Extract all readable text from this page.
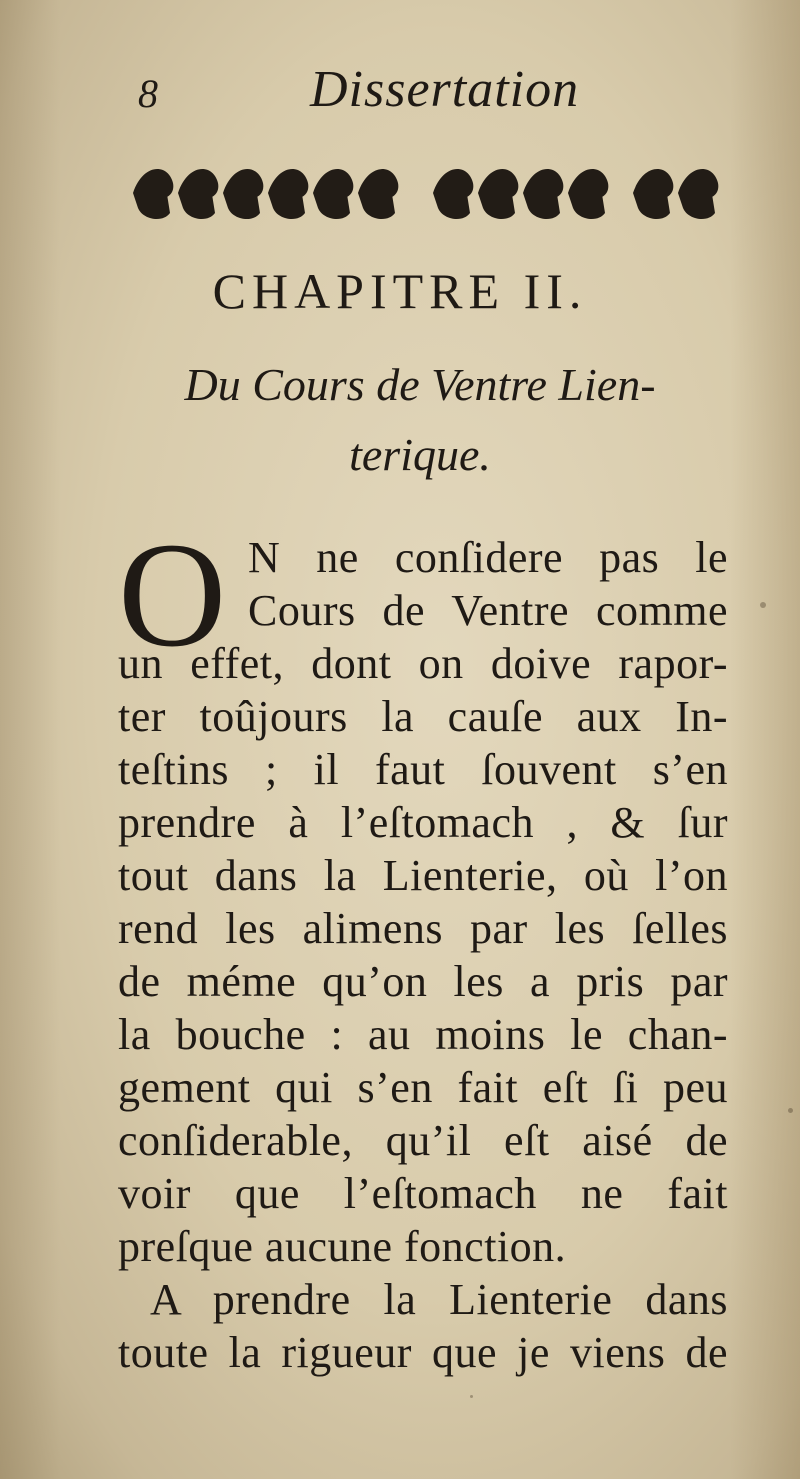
8	Dissertation
CHAPITRE II.
Du Cours de Ventre Lien-
terique.
O N ne conſidere pas le
Cours de Ventre comme
un effet, dont on doive rapor-
ter toûjours la cauſe aux In-
teſtins ; il faut ſouvent s’en
prendre à l’eſtomach , & ſur
tout dans la Lienterie, où l’on
rend les alimens par les ſelles
de méme qu’on les a pris par
la bouche : au moins le chan-
gement qui s’en fait eſt ſi peu
conſiderable, qu’il eſt aisé de
voir que l’eſtomach ne fait
preſque aucune fonction.
A prendre la Lienterie dans
toute la rigueur que je viens de
